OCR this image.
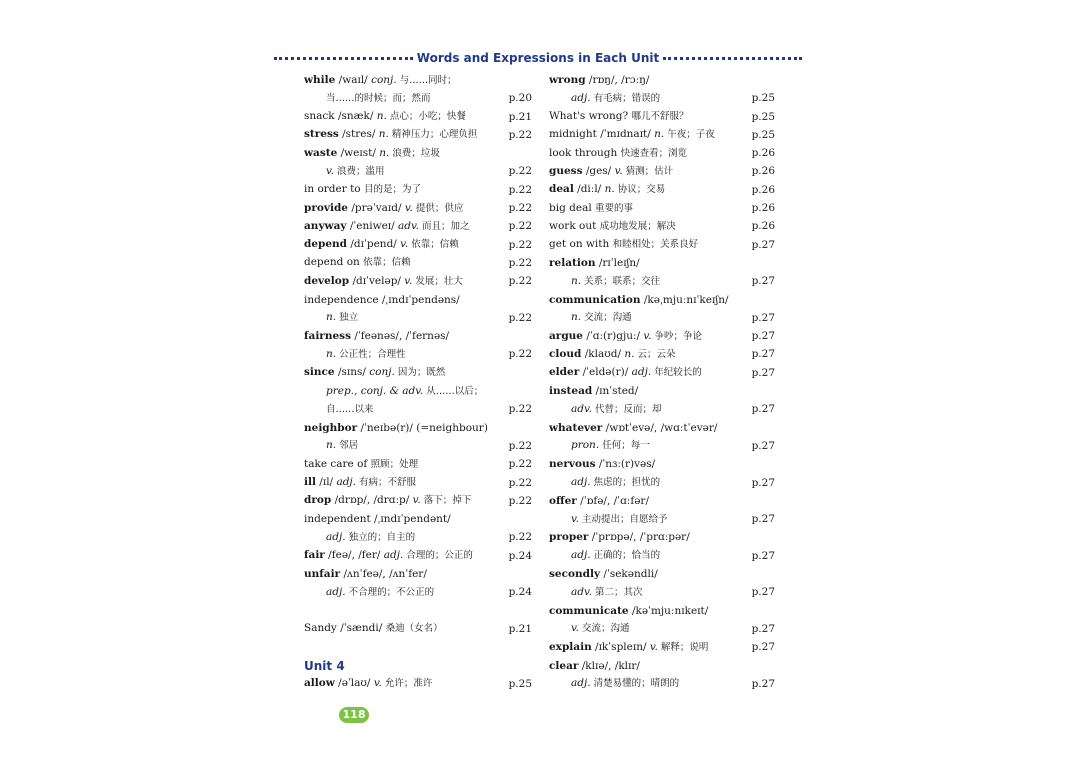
Words and Expressions in Each Unit
while /waɪl/ conj. 与……同时；
当……的时候；而；然而	p.20
snack /snæk/ n. 点心；小吃；快餐	p.21
stress /stres/ n. 精神压力；心理负担	p.22
waste /weɪst/ n. 浪费；垃圾
v. 浪费；滥用	p.22
in order to 目的是；为了	p.22
provide /prəˈvaɪd/ v. 提供；供应	p.22
anyway /ˈeniweɪ/ adv. 而且；加之	p.22
depend /dɪˈpend/ v. 依靠；信赖	p.22
depend on 依靠；信赖	p.22
develop /dɪˈveləp/ v. 发展；壮大	p.22
independence /ˌɪndɪˈpendəns/
n. 独立	p.22
fairness /ˈfeənəs/, /ˈfernəs/
n. 公正性；合理性	p.22
since /sɪns/ conj. 因为；既然
prep., conj. & adv. 从……以后；
自……以来	p.22
neighbor /ˈneɪbə(r)/ (=neighbour)
n. 邻居	p.22
take care of 照顾；处理	p.22
ill /ɪl/ adj. 有病；不舒服	p.22
drop /drɒp/, /drɑːp/ v. 落下；掉下	p.22
independent /ˌɪndɪˈpendənt/
adj. 独立的；自主的	p.22
fair /feə/, /fer/ adj. 合理的；公正的	p.24
unfair /ʌnˈfeə/, /ʌnˈfer/
adj. 不合理的；不公正的	p.24
Sandy /ˈsændi/ 桑迪（女名）	p.21
Unit 4
allow /əˈlaʊ/ v. 允许；准许	p.25
wrong /rɒŋ/, /rɔːŋ/
adj. 有毛病；错误的	p.25
What's wrong? 哪儿不舒服？	p.25
midnight /ˈmɪdnaɪt/ n. 午夜；子夜	p.25
look through 快速查看；浏览	p.26
guess /ges/ v. 猜测；估计	p.26
deal /diːl/ n. 协议；交易	p.26
big deal 重要的事	p.26
work out 成功地发展；解决	p.26
get on with 和睦相处；关系良好	p.27
relation /rɪˈleɪʃn/
n. 关系；联系；交往	p.27
communication /kəˌmjuːnɪˈkeɪʃn/
n. 交流；沟通	p.27
argue /ˈɑː(r)gjuː/ v. 争吵；争论	p.27
cloud /klaʊd/ n. 云；云朵	p.27
elder /ˈeldə(r)/ adj. 年纪较长的	p.27
instead /ɪnˈsted/
adv. 代替；反而；却	p.27
whatever /wɒtˈevə/, /wɑːtˈevər/
pron. 任何；每一	p.27
nervous /ˈnɜː(r)vəs/
adj. 焦虑的；担忧的	p.27
offer /ˈɒfə/, /ˈɑːfər/
v. 主动提出；自愿给予	p.27
proper /ˈprɒpə/, /ˈprɑːpər/
adj. 正确的；恰当的	p.27
secondly /ˈsekəndli/
adv. 第二；其次	p.27
communicate /kəˈmjuːnɪkeɪt/
v. 交流；沟通	p.27
explain /ɪkˈspleɪn/ v. 解释；说明	p.27
clear /klɪə/, /klɪr/
adj. 清楚易懂的；晴朗的	p.27
118
